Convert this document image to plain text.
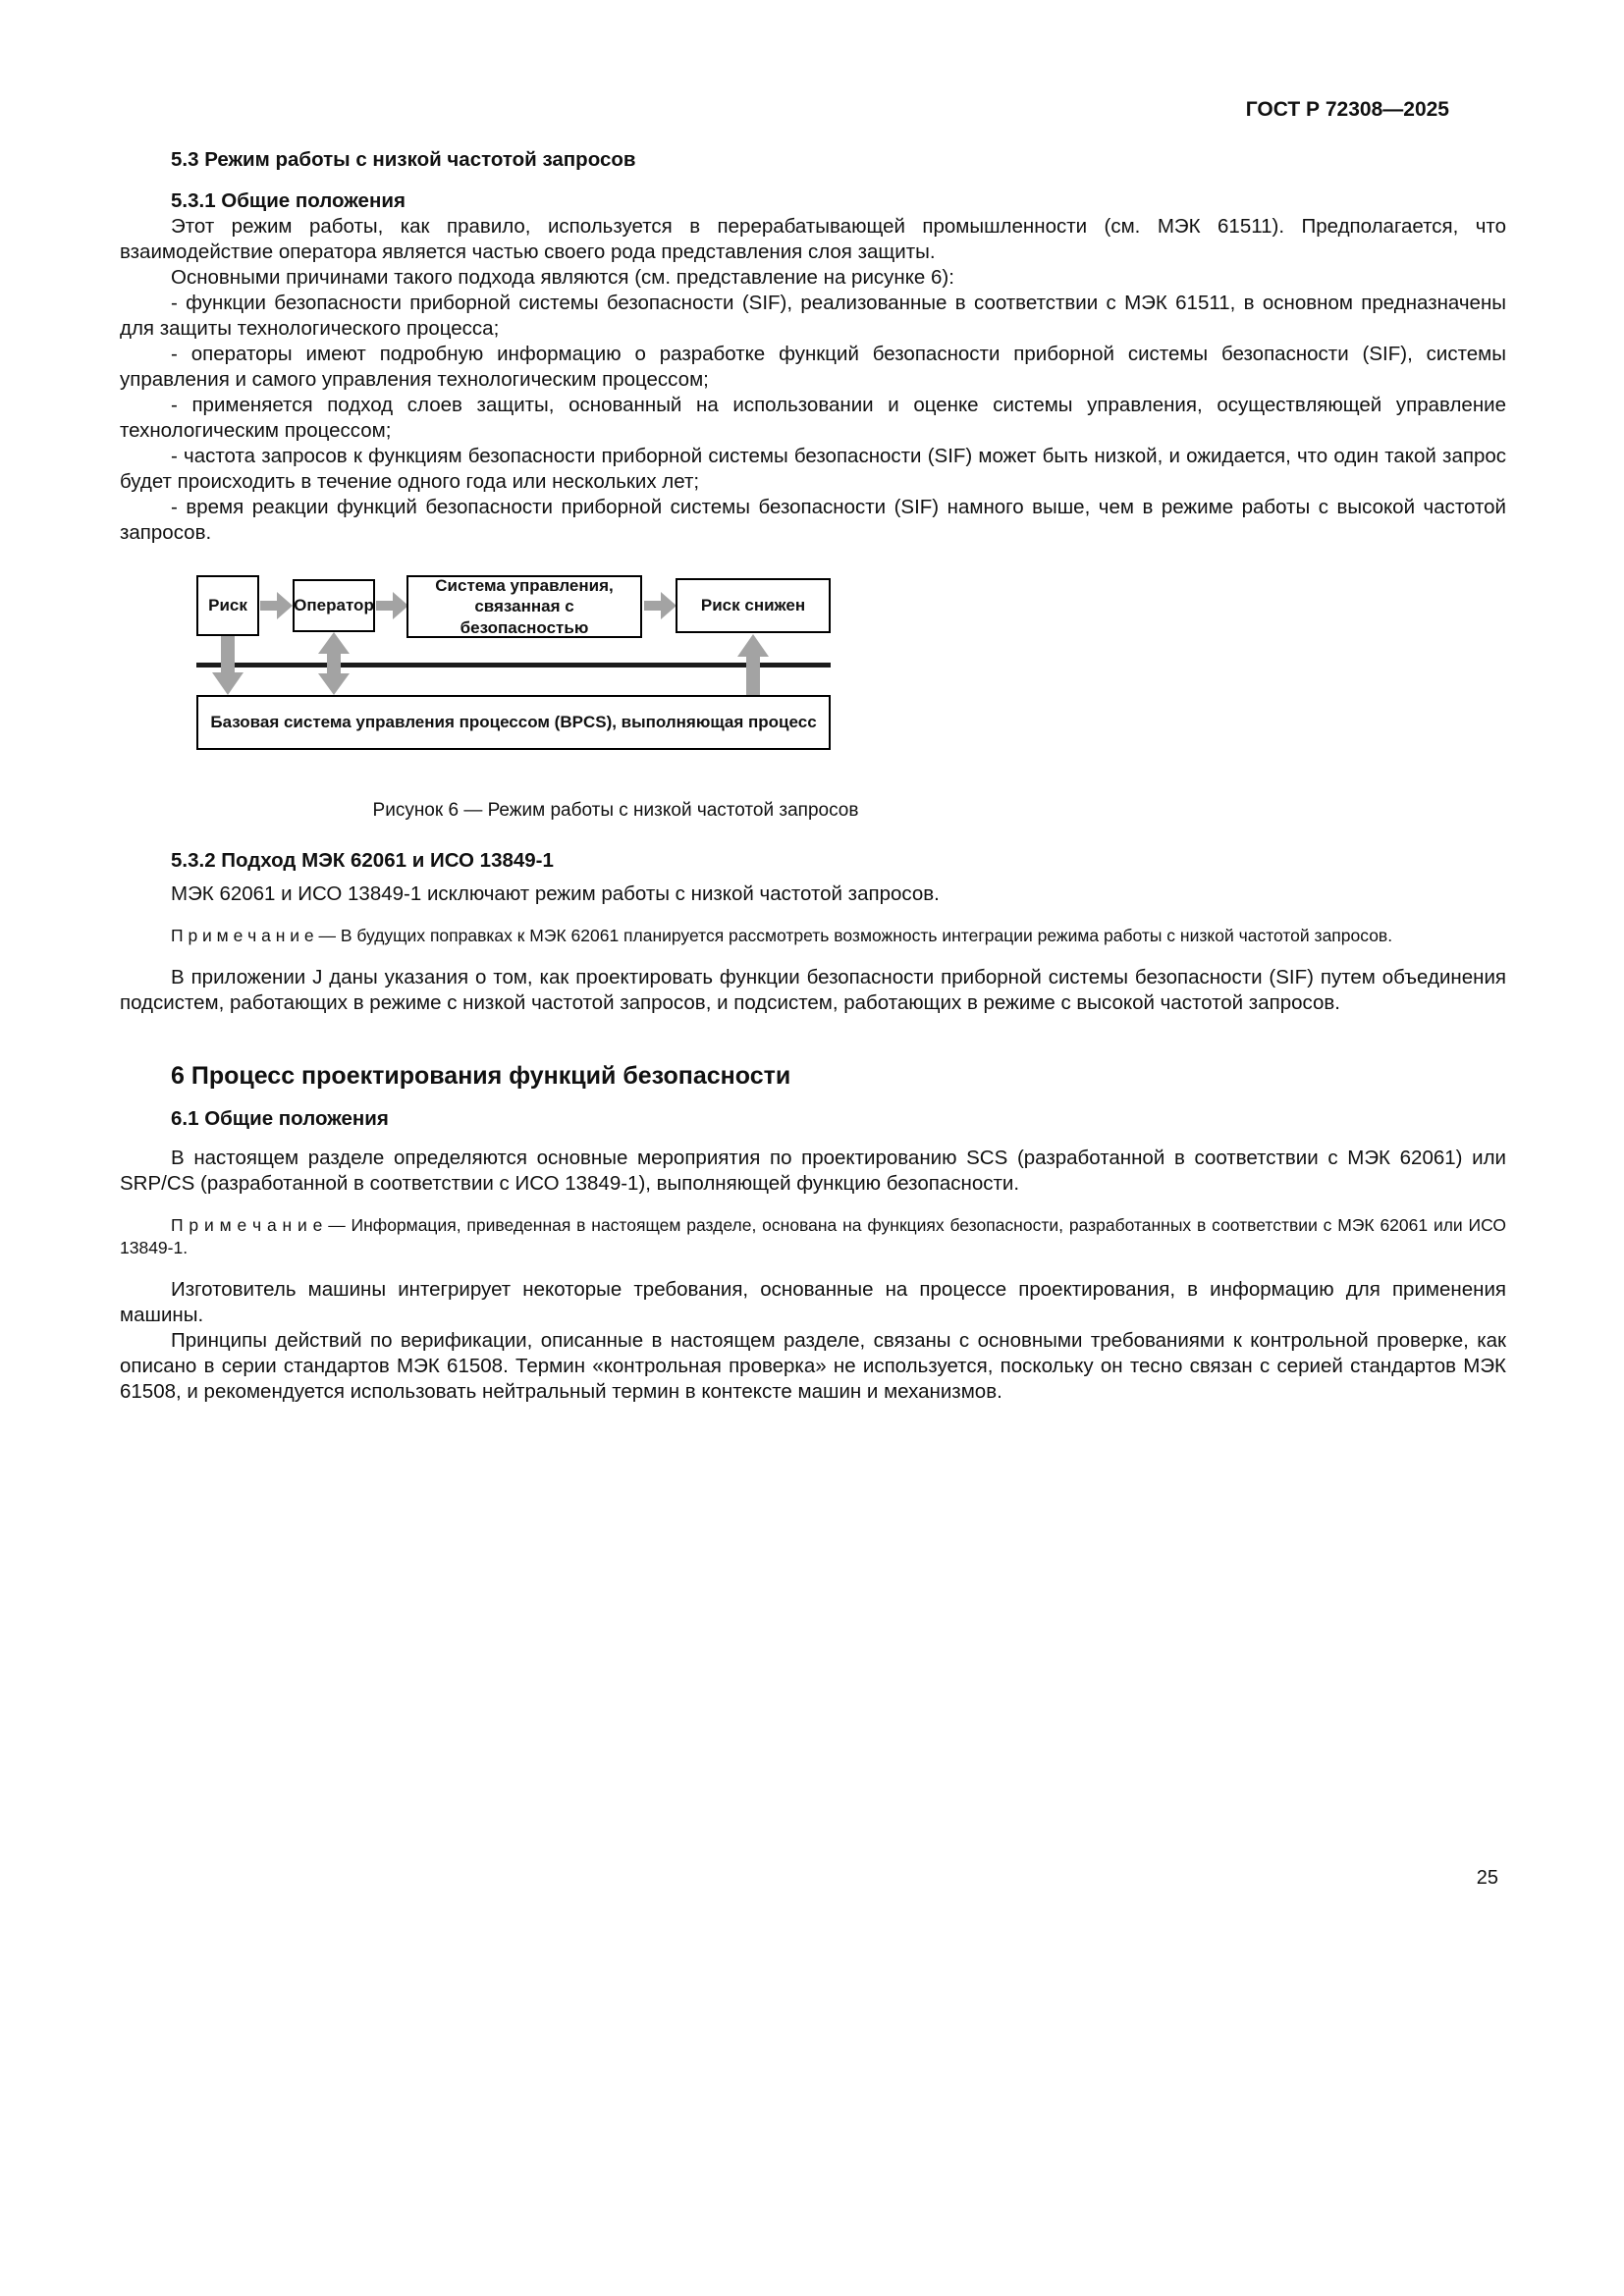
ГОСТ Р 72308—2025
5.3 Режим работы с низкой частотой запросов
5.3.1 Общие положения

Этот режим работы, как правило, используется в перерабатывающей промышленности (см. МЭК 61511). Предполагается, что взаимодействие оператора является частью своего рода представления слоя защиты.

Основными причинами такого подхода являются (см. представление на рисунке 6):

- функции безопасности приборной системы безопасности (SIF), реализованные в соответствии с МЭК 61511, в основном предназначены для защиты технологического процесса;

- операторы имеют подробную информацию о разработке функций безопасности приборной системы безопасности (SIF), системы управления и самого управления технологическим процессом;

- применяется подход слоев защиты, основанный на использовании и оценке системы управления, осуществляющей управление технологическим процессом;

- частота запросов к функциям безопасности приборной системы безопасности (SIF) может быть низкой, и ожидается, что один такой запрос будет происходить в течение одного года или нескольких лет;

- время реакции функций безопасности приборной системы безопасности (SIF) намного выше, чем в режиме работы с высокой частотой запросов.

Риск	Оператор
Система управления, связанная с безопасностью
Риск снижен
Базовая система управления процессом (BPCS), выполняющая процесс
Рисунок 6 — Режим работы с низкой частотой запросов
5.3.2 Подход МЭК 62061 и ИСО 13849-1

МЭК 62061 и ИСО 13849-1 исключают режим работы с низкой частотой запросов.

П р и м е ч а н и е — В будущих поправках к МЭК 62061 планируется рассмотреть возможность интеграции режима работы с низкой частотой запросов.

В приложении J даны указания о том, как проектировать функции безопасности приборной системы безопасности (SIF) путем объединения подсистем, работающих в режиме с низкой частотой запросов, и подсистем, работающих в режиме с высокой частотой запросов.

6 Процесс проектирования функций безопасности
6.1 Общие положения

В настоящем разделе определяются основные мероприятия по проектированию SCS (разработанной в соответствии с МЭК 62061) или SRP/CS (разработанной в соответствии с ИСО 13849-1), выполняющей функцию безопасности.

П р и м е ч а н и е — Информация, приведенная в настоящем разделе, основана на функциях безопасности, разработанных в соответствии с МЭК 62061 или ИСО 13849-1.

Изготовитель машины интегрирует некоторые требования, основанные на процессе проектирования, в информацию для применения машины.

Принципы действий по верификации, описанные в настоящем разделе, связаны с основными требованиями к контрольной проверке, как описано в серии стандартов МЭК 61508. Термин «контрольная проверка» не используется, поскольку он тесно связан с серией стандартов МЭК 61508, и рекомендуется использовать нейтральный термин в контексте машин и механизмов.

25
